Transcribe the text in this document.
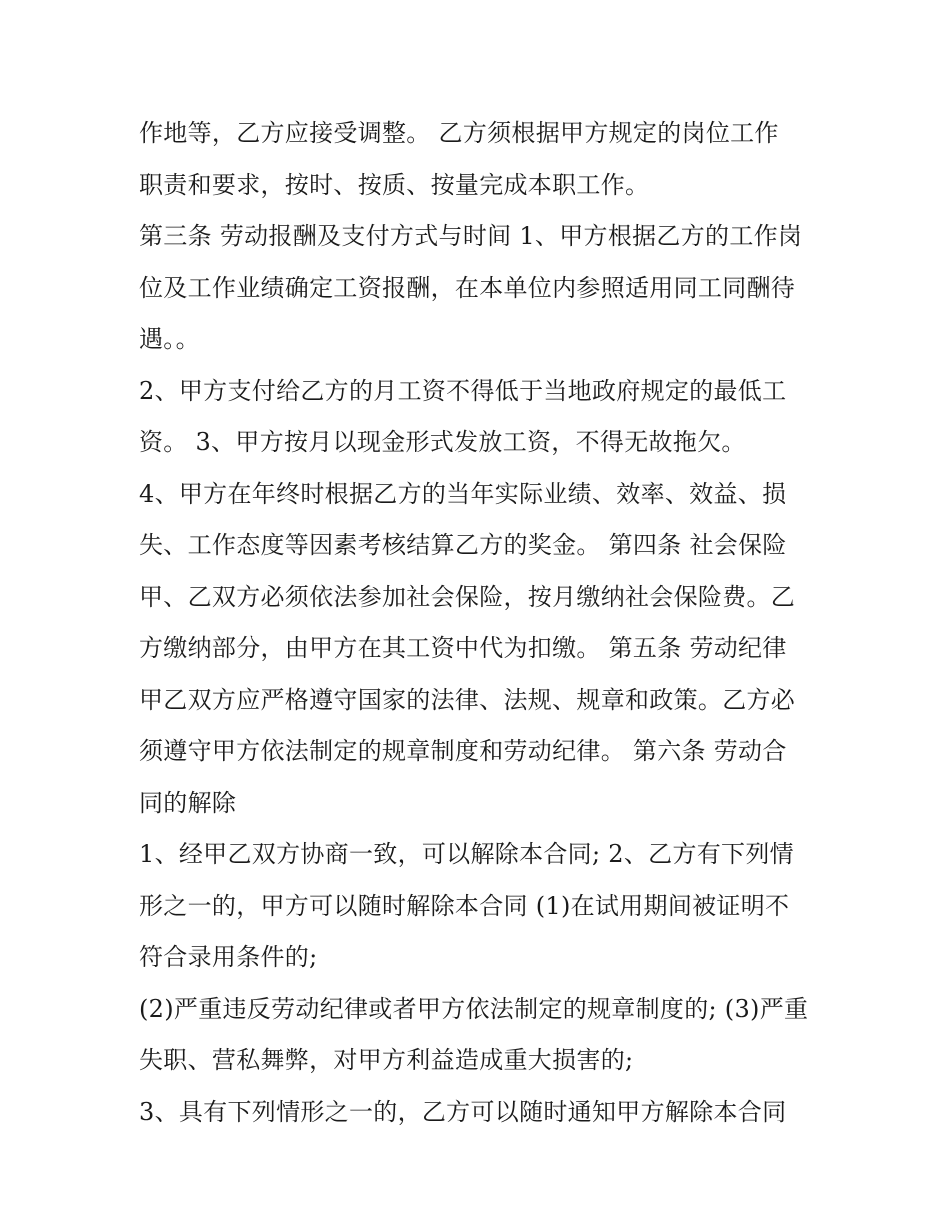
作地等，乙方应接受调整。 乙方须根据甲方规定的岗位工作
职责和要求，按时、按质、按量完成本职工作。
第三条 劳动报酬及支付方式与时间 1、甲方根据乙方的工作岗
位及工作业绩确定工资报酬，在本单位内参照适用同工同酬待
遇。。
2、甲方支付给乙方的月工资不得低于当地政府规定的最低工
资。 3、甲方按月以现金形式发放工资，不得无故拖欠。
4、甲方在年终时根据乙方的当年实际业绩、效率、效益、损
失、工作态度等因素考核结算乙方的奖金。 第四条 社会保险
甲、乙双方必须依法参加社会保险，按月缴纳社会保险费。乙
方缴纳部分，由甲方在其工资中代为扣缴。 第五条 劳动纪律
甲乙双方应严格遵守国家的法律、法规、规章和政策。乙方必
须遵守甲方依法制定的规章制度和劳动纪律。 第六条 劳动合
同的解除
1、经甲乙双方协商一致，可以解除本合同; 2、乙方有下列情
形之一的，甲方可以随时解除本合同 (1)在试用期间被证明不
符合录用条件的;
(2)严重违反劳动纪律或者甲方依法制定的规章制度的; (3)严重
失职、营私舞弊，对甲方利益造成重大损害的;
3、具有下列情形之一的，乙方可以随时通知甲方解除本合同
